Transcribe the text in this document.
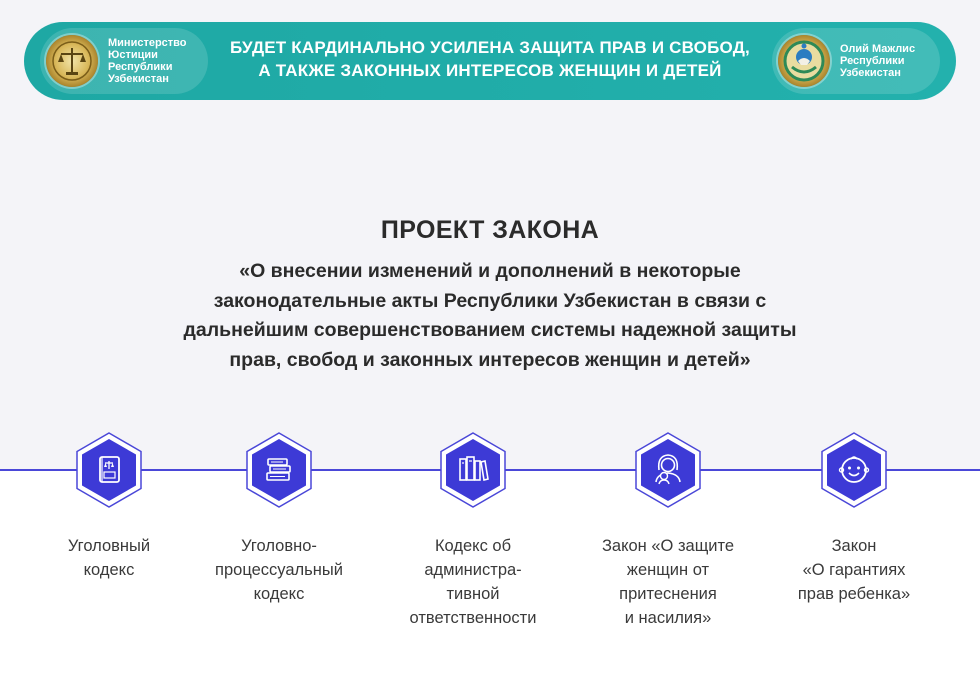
Министерство
Юстиции
Республики
Узбекистан
БУДЕТ КАРДИНАЛЬНО УСИЛЕНА ЗАЩИТА ПРАВ И СВОБОД,
А ТАКЖЕ ЗАКОННЫХ ИНТЕРЕСОВ ЖЕНЩИН И ДЕТЕЙ
Олий Мажлис
Республики
Узбекистан
ПРОЕКТ ЗАКОНА
«О внесении изменений и дополнений в некоторые
законодательные акты Республики Узбекистан в связи с
дальнейшим совершенствованием системы надежной защиты
прав, свобод и законных интересов женщин и детей»
Уголовный
кодекс
Уголовно-
процессуальный
кодекс
Кодекс об
администра-
тивной
ответственности
Закон «О защите
женщин от
притеснения
и насилия»
Закон
«О гарантиях
прав ребенка»
